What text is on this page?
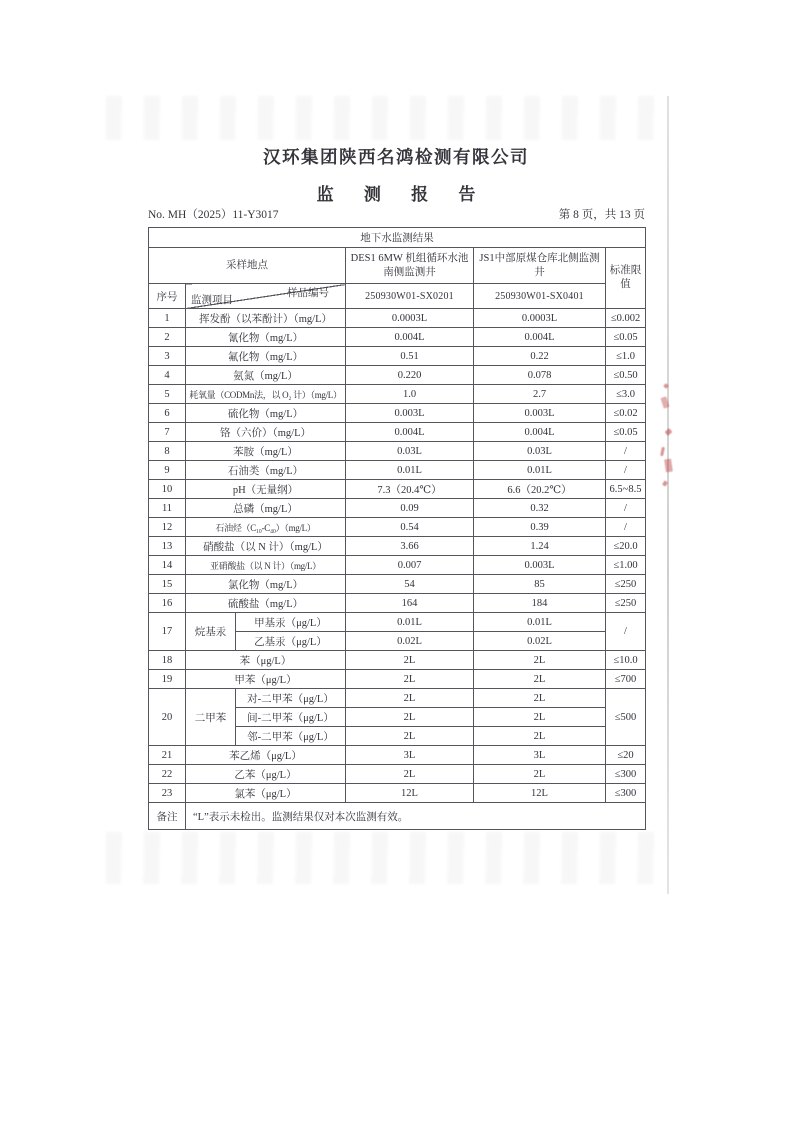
汉环集团陕西名鸿检测有限公司
监 测 报 告
No. MH（2025）11-Y3017	第 8 页，共 13 页
地下水监测结果					
采样地点			DES1 6MW 机组循环水池南侧监测井	JS1中部原煤仓库北侧监测井	标准限值
序号	样品编号
监测项目		250930W01-SX0201	250930W01-SX0401	
1	挥发酚（以苯酚计）（mg/L）		0.0003L	0.0003L	≤0.002
2	氰化物（mg/L）		0.004L	0.004L	≤0.05
3	氟化物（mg/L）		0.51	0.22	≤1.0
4	氨氮（mg/L）		0.220	0.078	≤0.50
5	耗氧量（CODMn法，以 O₂ 计）（mg/L）		1.0	2.7	≤3.0
6	硫化物（mg/L）		0.003L	0.003L	≤0.02
7	铬（六价）（mg/L）		0.004L	0.004L	≤0.05
8	苯胺（mg/L）		0.03L	0.03L	/
9	石油类（mg/L）		0.01L	0.01L	/
10	pH（无量纲）		7.3（20.4℃）	6.6（20.2℃）	6.5~8.5
11	总磷（mg/L）		0.09	0.32	/
12	石油烃（C₁₀-C₄₀）（mg/L）		0.54	0.39	/
13	硝酸盐（以 N 计）（mg/L）		3.66	1.24	≤20.0
14	亚硝酸盐（以 N 计）（mg/L）		0.007	0.003L	≤1.00
15	氯化物（mg/L）		54	85	≤250
16	硫酸盐（mg/L）		164	184	≤250
17	烷基汞	甲基汞（μg/L）	0.01L	0.01L	/
		乙基汞（μg/L）	0.02L	0.02L	
18	苯（μg/L）		2L	2L	≤10.0
19	甲苯（μg/L）		2L	2L	≤700
20	二甲苯	对-二甲苯（μg/L）	2L	2L	≤500
		间-二甲苯（μg/L）	2L	2L	
		邻-二甲苯（μg/L）	2L	2L	
21	苯乙烯（μg/L）		3L	3L	≤20
22	乙苯（μg/L）		2L	2L	≤300
23	氯苯（μg/L）		12L	12L	≤300
备注	“L”表示未检出。监测结果仅对本次监测有效。				
